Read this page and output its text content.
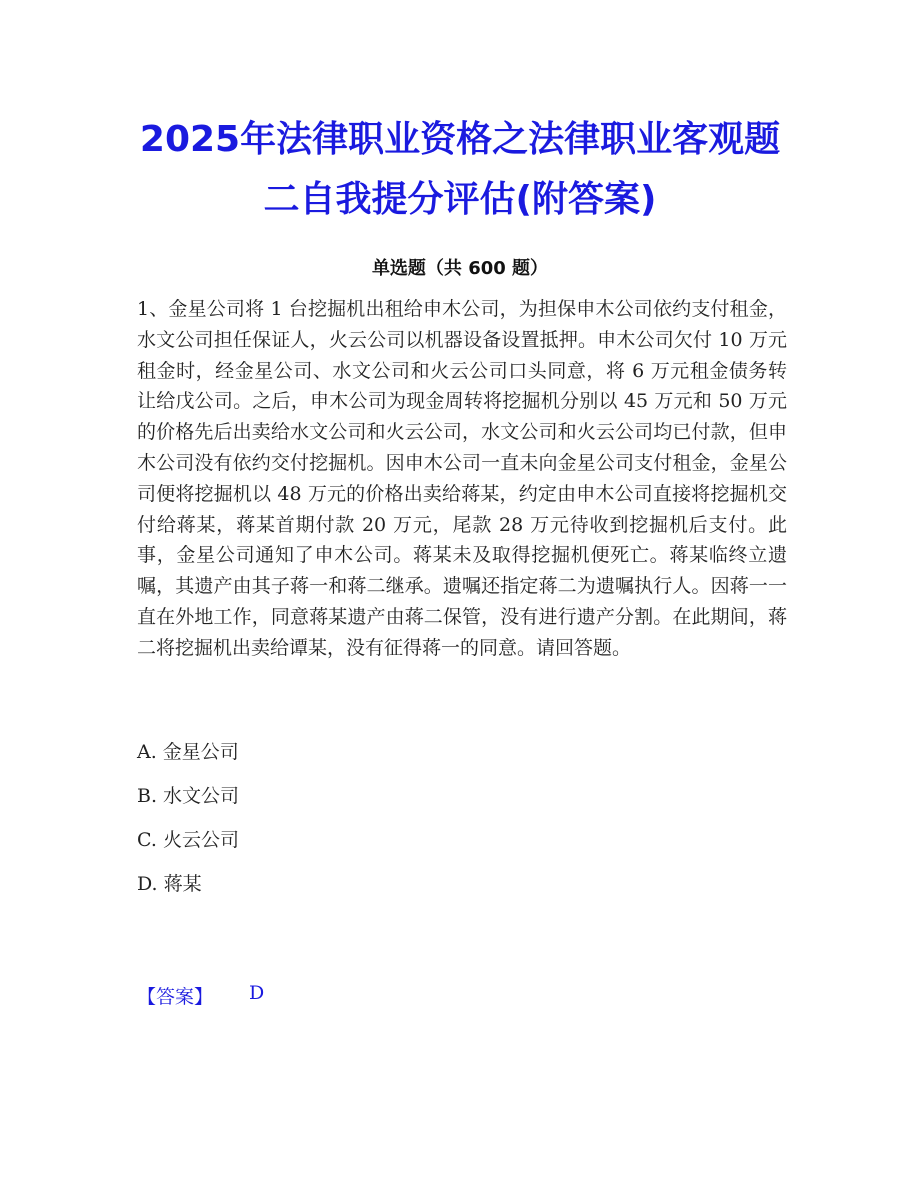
2025年法律职业资格之法律职业客观题
二自我提分评估(附答案)
单选题（共 600 题）

1、金星公司将 1 台挖掘机出租给申木公司，为担保申木公司依约支付租金，水文公司担任保证人，火云公司以机器设备设置抵押。申木公司欠付 10 万元租金时，经金星公司、水文公司和火云公司口头同意，将 6 万元租金债务转让给戊公司。之后，申木公司为现金周转将挖掘机分别以 45 万元和 50 万元的价格先后出卖给水文公司和火云公司，水文公司和火云公司均已付款，但申木公司没有依约交付挖掘机。因申木公司一直未向金星公司支付租金，金星公司便将挖掘机以 48 万元的价格出卖给蒋某，约定由申木公司直接将挖掘机交付给蒋某，蒋某首期付款 20 万元，尾款 28 万元待收到挖掘机后支付。此事，金星公司通知了申木公司。蒋某未及取得挖掘机便死亡。蒋某临终立遗嘱，其遗产由其子蒋一和蒋二继承。遗嘱还指定蒋二为遗嘱执行人。因蒋一一直在外地工作，同意蒋某遗产由蒋二保管，没有进行遗产分割。在此期间，蒋二将挖掘机出卖给谭某，没有征得蒋一的同意。请回答题。

A. 金星公司
B. 水文公司
C. 火云公司
D. 蒋某
【答案】 D
